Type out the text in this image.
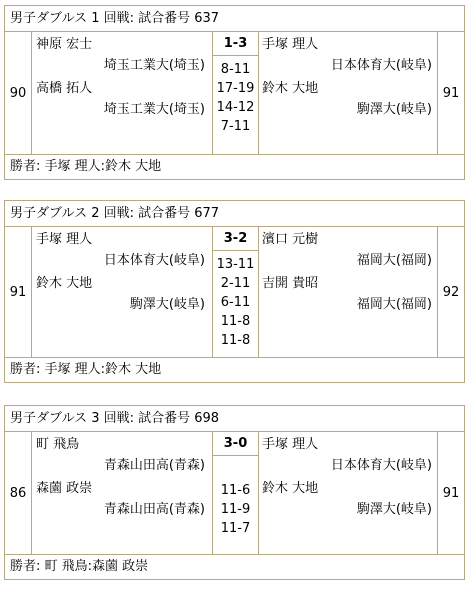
男子ダブルス 1 回戦: 試合番号 637
90
神原 宏士
埼玉工業大(埼玉)
高橋 拓人
埼玉工業大(埼玉)
1-3
8-11
17-19
14-12
7-11
手塚 理人
日本体育大(岐阜)
鈴木 大地
駒澤大(岐阜)
91
勝者: 手塚 理人:鈴木 大地
男子ダブルス 2 回戦: 試合番号 677
91
手塚 理人
日本体育大(岐阜)
鈴木 大地
駒澤大(岐阜)
3-2
13-11
2-11
6-11
11-8
11-8
濱口 元樹
福岡大(福岡)
吉開 貴昭
福岡大(福岡)
92
勝者: 手塚 理人:鈴木 大地
男子ダブルス 3 回戦: 試合番号 698
86
町 飛鳥
青森山田高(青森)
森薗 政崇
青森山田高(青森)
3-0
11-6
11-9
11-7
手塚 理人
日本体育大(岐阜)
鈴木 大地
駒澤大(岐阜)
91
勝者: 町 飛鳥:森薗 政崇
